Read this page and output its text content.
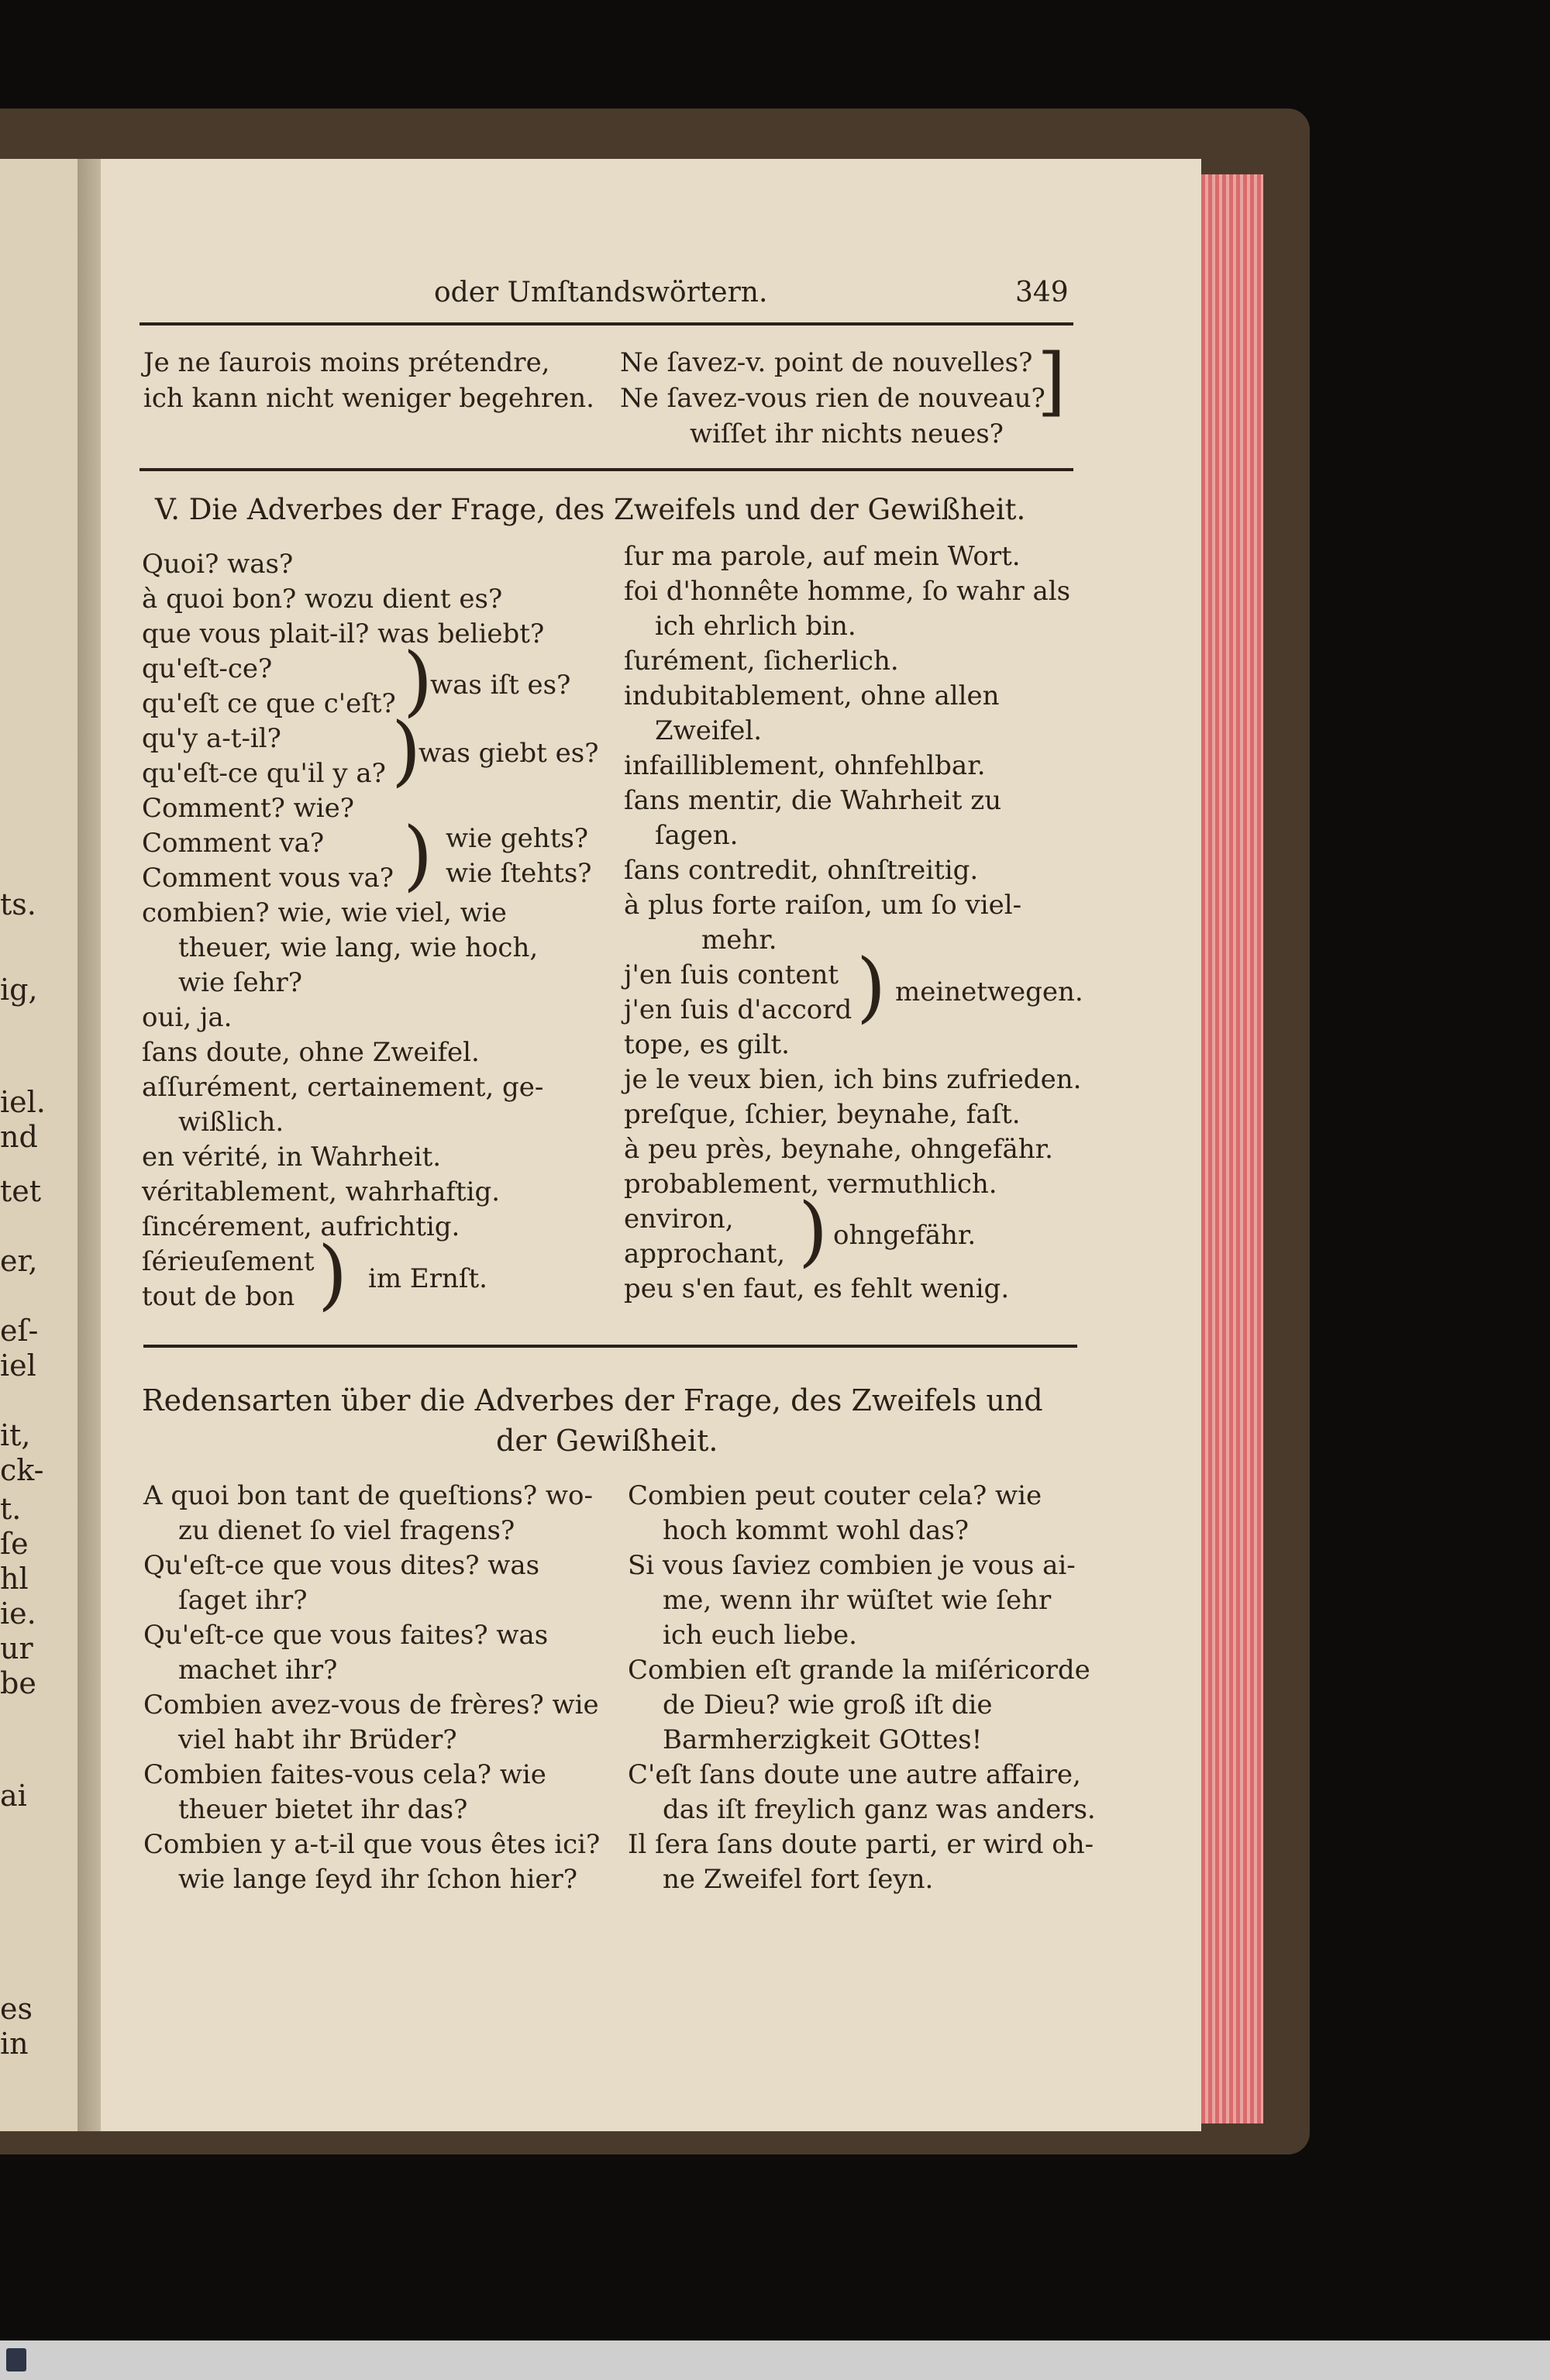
ts.
ig,
iel.
nd
tet
er,
eſ-
iel
it,
ck-
t.
ſe
hl
ie.
ur
be
ai
es
in
oder Umſtandswörtern.	349
Je ne ſaurois moins prétendre,
ich kann nicht weniger begehren.
Ne ſavez-v. point de nouvelles?
Ne ſavez-vous rien de nouveau?
]
wiſſet ihr nichts neues?
V. Die Adverbes der Frage, des Zweifels und der Gewißheit.
Quoi? was?
à quoi bon? wozu dient es?
que vous plait-il? was beliebt?
qu'eſt-ce?
qu'eſt ce que c'eſt? )
was iſt es?
qu'y a-t-il?
qu'eſt-ce qu'il y a? )
was giebt es?
Comment? wie?
Comment va?
Comment vous va? ) wie gehts?
wie ſtehts?
combien? wie, wie viel, wie
theuer, wie lang, wie hoch,
wie ſehr?
oui, ja.
ſans doute, ohne Zweifel.
aſſurément, certainement, ge-
wißlich.
en vérité, in Wahrheit.
véritablement, wahrhaftig.
ſincérement, aufrichtig.
ſérieuſement
tout de bon ) im Ernſt.
ſur ma parole, auf mein Wort.
foi d'honnête homme, ſo wahr als
ich ehrlich bin.
ſurément, ſicherlich.
indubitablement, ohne allen
Zweifel.
infailliblement, ohnfehlbar.
ſans mentir, die Wahrheit zu
ſagen.
ſans contredit, ohnſtreitig.
à plus forte raiſon, um ſo viel-
mehr.
j'en ſuis content
j'en ſuis d'accord ) meinetwegen.
tope, es gilt.
je le veux bien, ich bins zufrieden.
preſque, ſchier, beynahe, faſt.
à peu près, beynahe, ohngefähr.
probablement, vermuthlich.
environ,
approchant, ) ohngefähr.
peu s'en faut, es fehlt wenig.
Redensarten über die Adverbes der Frage, des Zweifels und
der Gewißheit.
A quoi bon tant de queſtions? wo-
zu dienet ſo viel fragens?
Qu'eſt-ce que vous dites? was
ſaget ihr?
Qu'eſt-ce que vous faites? was
machet ihr?
Combien avez-vous de frères? wie
viel habt ihr Brüder?
Combien faites-vous cela? wie
theuer bietet ihr das?
Combien y a-t-il que vous êtes ici?
wie lange ſeyd ihr ſchon hier?
Combien peut couter cela? wie
hoch kommt wohl das?
Si vous ſaviez combien je vous ai-
me, wenn ihr wüſtet wie ſehr
ich euch liebe.
Combien eſt grande la miſéricorde
de Dieu? wie groß iſt die
Barmherzigkeit GOttes!
C'eſt ſans doute une autre affaire,
das iſt freylich ganz was anders.
Il ſera ſans doute parti, er wird oh-
ne Zweifel fort ſeyn.
